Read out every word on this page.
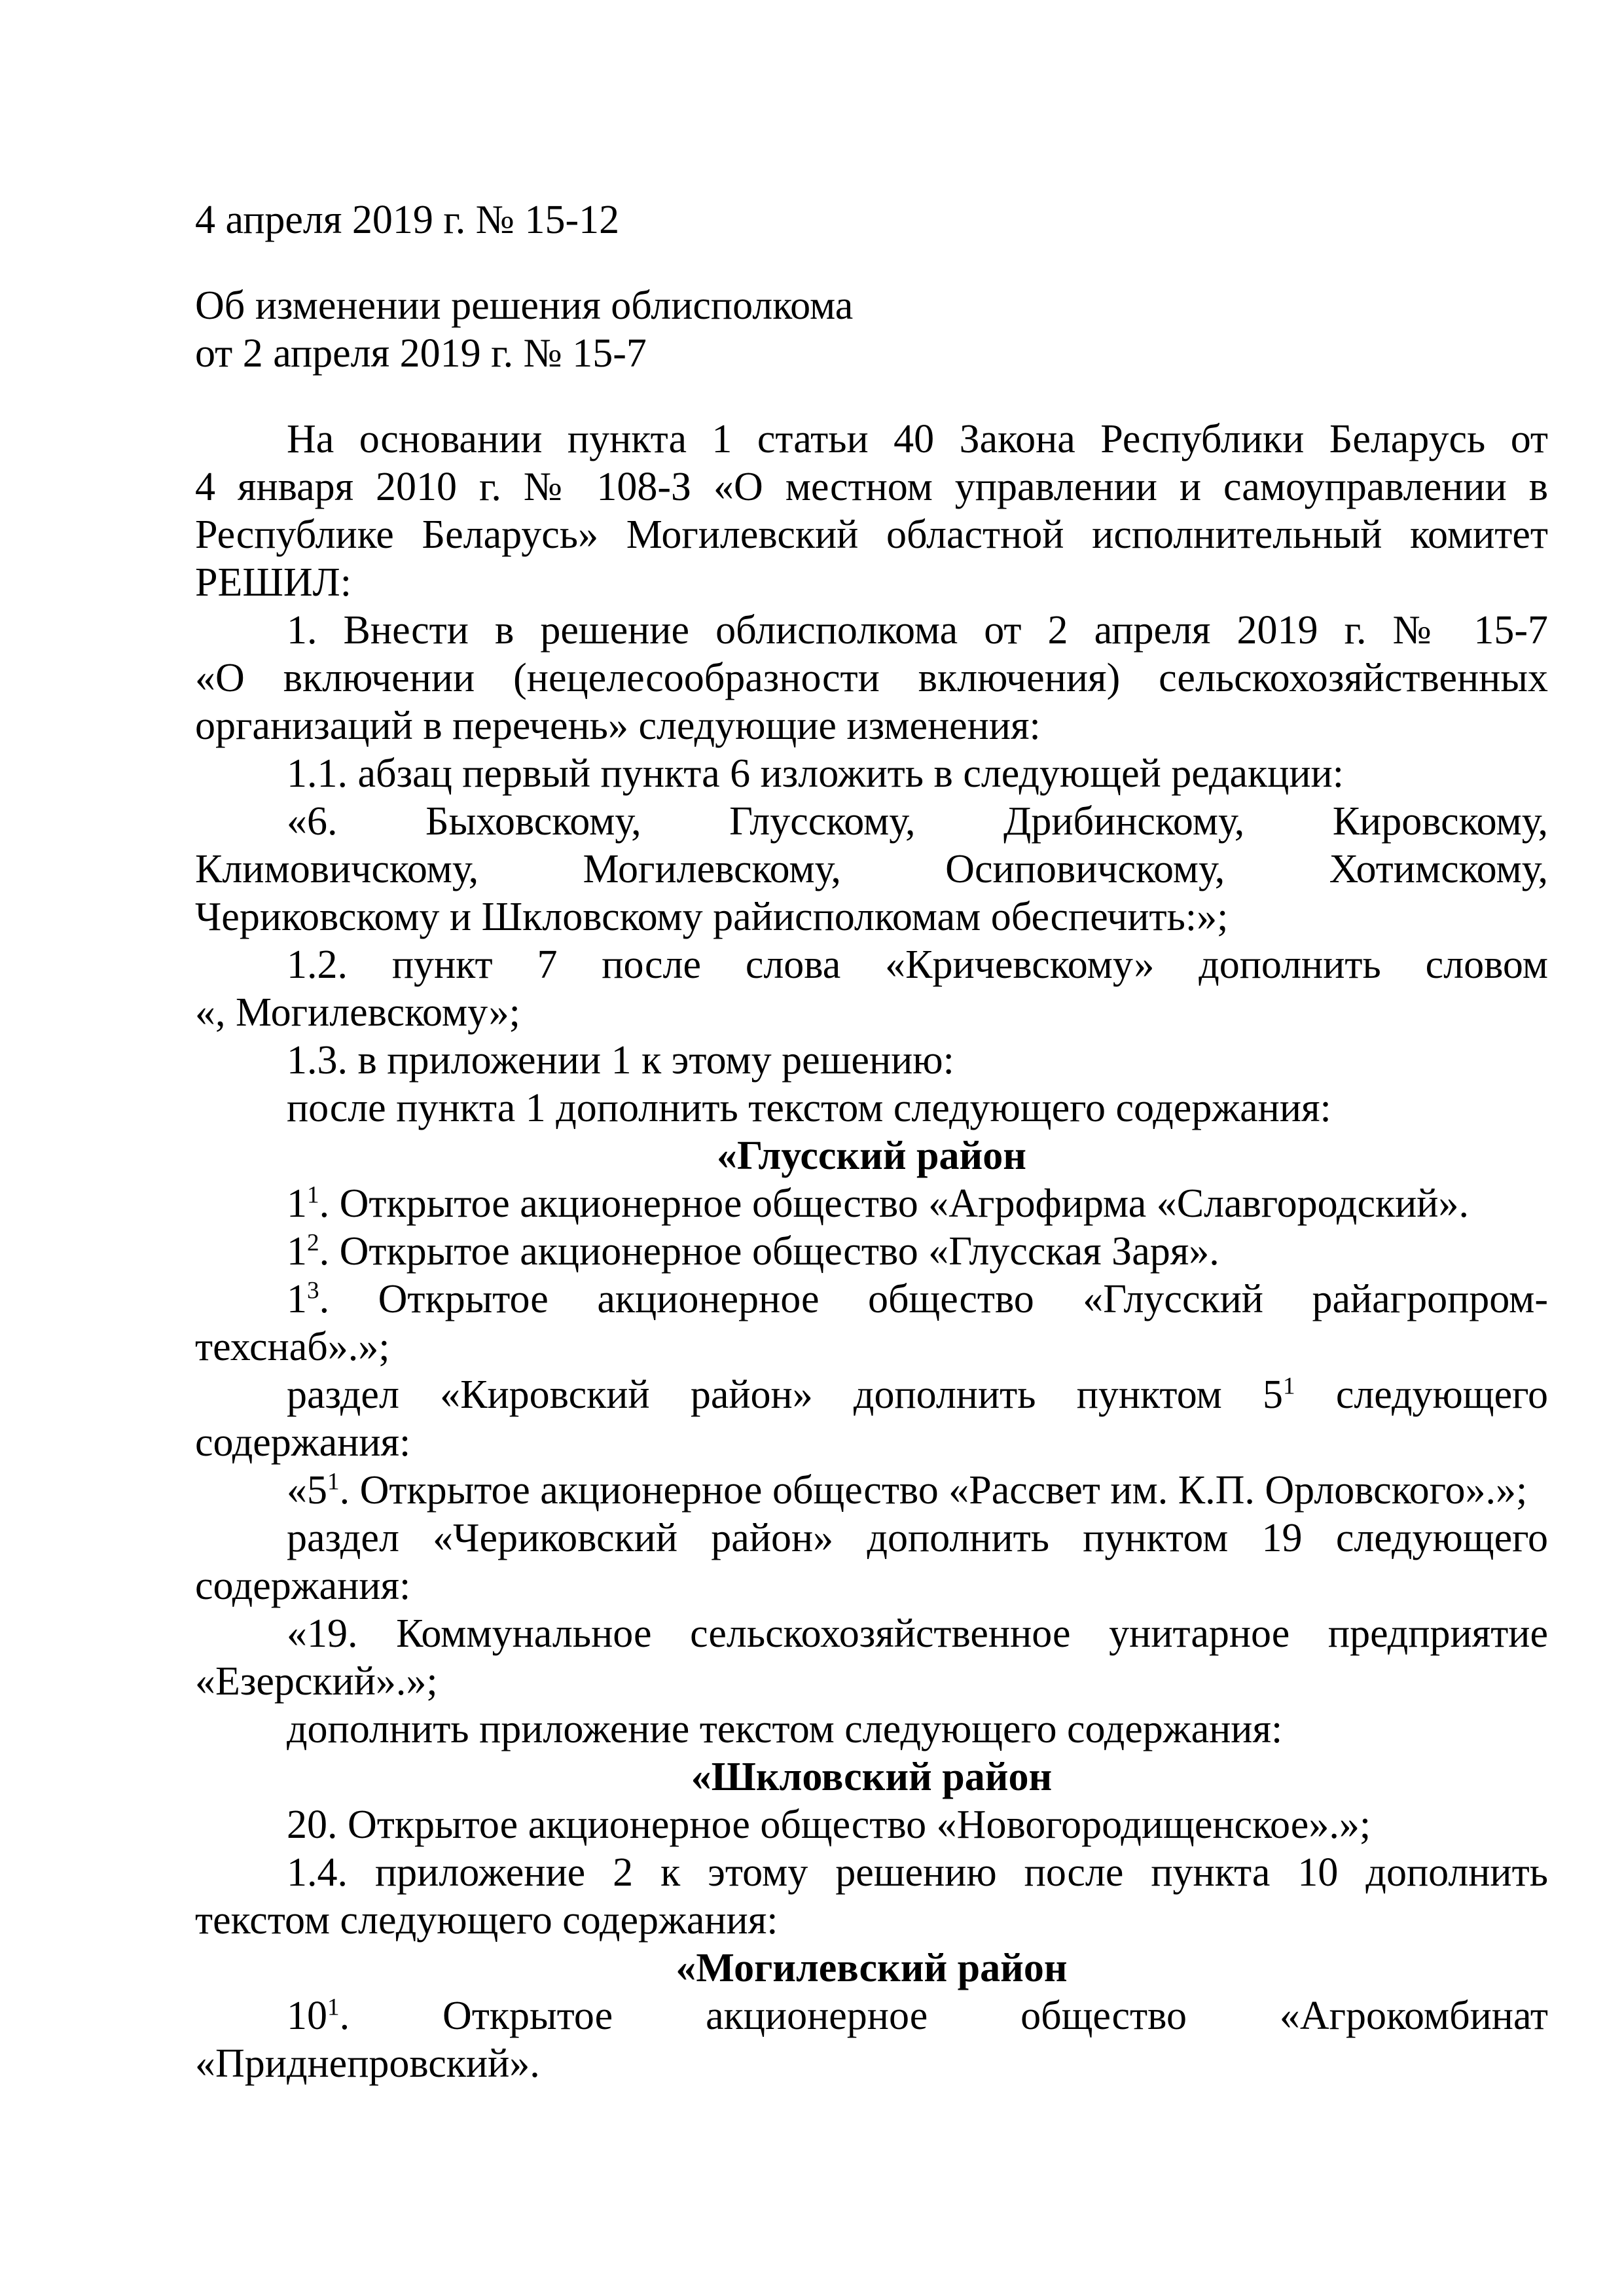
4 апреля 2019 г. № 15-12
Об изменении решения облисполкома
от 2 апреля 2019 г. № 15-7
На основании пункта 1 статьи 40 Закона Республики Беларусь от
4 января 2010 г. № 108-З «О местном управлении и самоуправлении в
Республике Беларусь» Могилевский областной исполнительный комитет
РЕШИЛ:
1. Внести в решение облисполкома от 2 апреля 2019 г. № 15-7
«О включении (нецелесообразности включения) сельскохозяйственных
организаций в перечень» следующие изменения:
1.1. абзац первый пункта 6 изложить в следующей редакции:
«6. Быховскому, Глусскому, Дрибинскому, Кировскому,
Климовичскому, Могилевскому, Осиповичскому, Хотимскому,
Чериковскому и Шкловскому райисполкомам обеспечить:»;
1.2. пункт 7 после слова «Кричевскому» дополнить словом
«, Могилевскому»;
1.3. в приложении 1 к этому решению:
после пункта 1 дополнить текстом следующего содержания:
«Глусский район
$1^1$. Открытое акционерное общество «Агрофирма «Славгородский».
$1^2$. Открытое акционерное общество «Глусская Заря».
$1^3$. Открытое акционерное общество «Глусский райагропром-
техснаб».»;
раздел «Кировский район» дополнить пунктом $5^1$ следующего
содержания:
«$5^1$. Открытое акционерное общество «Рассвет им. К.П. Орловского».»;
раздел «Чериковский район» дополнить пунктом 19 следующего
содержания:
«19. Коммунальное сельскохозяйственное унитарное предприятие
«Езерский».»;
дополнить приложение текстом следующего содержания:
«Шкловский район
20. Открытое акционерное общество «Новогородищенское».»;
1.4. приложение 2 к этому решению после пункта 10 дополнить
текстом следующего содержания:
«Могилевский район
$10^1$. Открытое акционерное общество «Агрокомбинат
«Приднепровский».
